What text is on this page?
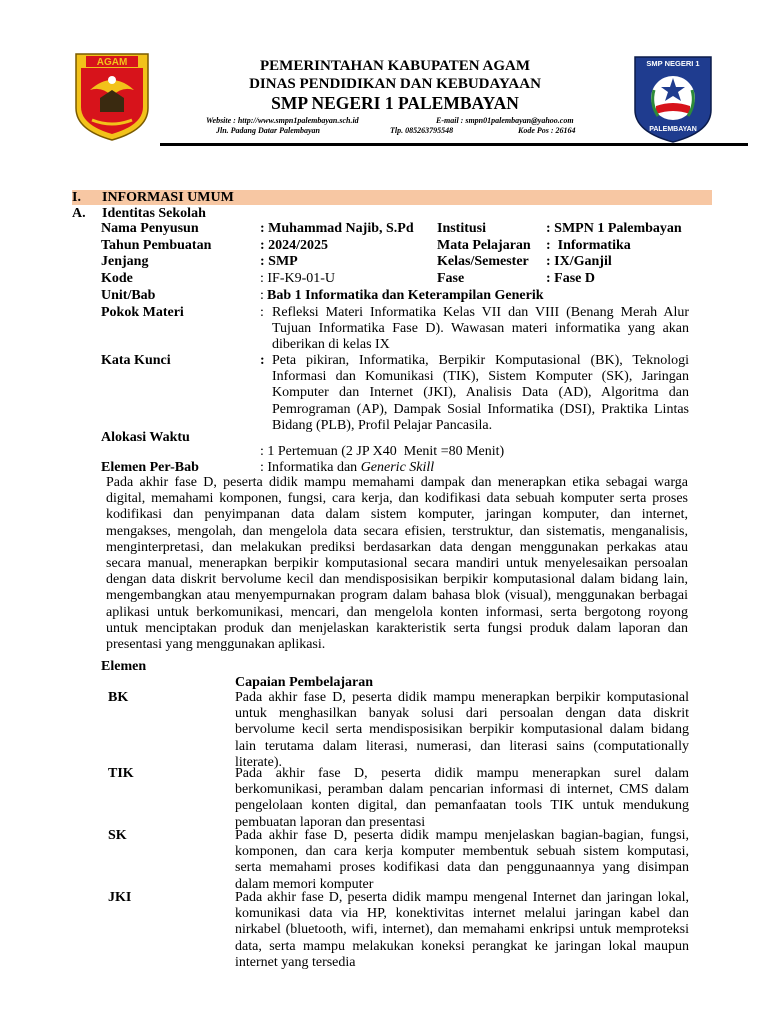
AGAM	SMP NEGERI 1
PALEMBAYAN
PEMERINTAHAN KABUPATEN AGAM
DINAS PENDIDIKAN DAN KEBUDAYAAN
SMP NEGERI 1 PALEMBAYAN
Website : http://www.smpn1palembayan.sch.id	E-mail : smpn01palembayan@yahoo.com
Jln. Padang Datar Palembayan	Tlp. 085263795548	Kode Pos : 26164
I. INFORMASI UMUM
A. Identitas Sekolah
Nama Penyusun	: Muhammad Najib, S.Pd Institusi	: SMPN 1 Palembayan
Tahun Pembuatan	: 2024/2025	Mata Pelajaran :  Informatika
Jenjang	: SMP	Kelas/Semester : IX/Ganjil
Kode	: IF-K9-01-U	Fase	: Fase D
Unit/Bab	: Bab 1 Informatika dan Keterampilan Generik
Pokok Materi	: Refleksi Materi Informatika Kelas VII dan VIII (Benang Merah Alur
Tujuan Informatika Fase D). Wawasan materi informatika yang akan
diberikan di kelas IX
Kata Kunci	: Peta pikiran, Informatika, Berpikir Komputasional (BK), Teknologi
Informasi dan Komunikasi (TIK), Sistem Komputer (SK), Jaringan
Komputer dan Internet (JKI), Analisis Data (AD), Algoritma dan
Pemrograman (AP), Dampak Sosial Informatika (DSI), Praktika Lintas
Bidang (PLB), Profil Pelajar Pancasila.
Alokasi Waktu
: 1 Pertemuan (2 JP X40  Menit =80 Menit)
Elemen Per-Bab	: Informatika dan Generic Skill
Pada akhir fase D, peserta didik mampu memahami dampak dan menerapkan etika sebagai warga
digital, memahami komponen, fungsi, cara kerja, dan kodifikasi data sebuah komputer serta proses
kodifikasi dan penyimpanan data dalam sistem komputer, jaringan komputer, dan internet,
mengakses, mengolah, dan mengelola data secara efisien, terstruktur, dan sistematis, menganalisis,
menginterpretasi, dan melakukan prediksi berdasarkan data dengan menggunakan perkakas atau
secara manual, menerapkan berpikir komputasional secara mandiri untuk menyelesaikan persoalan
dengan data diskrit bervolume kecil dan mendisposisikan berpikir komputasional dalam bidang lain,
mengembangkan atau menyempurnakan program dalam bahasa blok (visual), menggunakan berbagai
aplikasi untuk berkomunikasi, mencari, dan mengelola konten informasi, serta bergotong royong
untuk menciptakan produk dan menjelaskan karakteristik serta fungsi produk dalam laporan dan
presentasi yang menggunakan aplikasi.
Elemen
Capaian Pembelajaran
BK	Pada akhir fase D, peserta didik mampu menerapkan berpikir komputasional
untuk menghasilkan banyak solusi dari persoalan dengan data diskrit
bervolume kecil serta mendisposisikan berpikir komputasional dalam bidang
lain terutama dalam literasi, numerasi, dan literasi sains (computationally
literate).
TIK	Pada akhir fase D, peserta didik mampu menerapkan surel dalam
berkomunikasi, peramban dalam pencarian informasi di internet, CMS dalam
pengelolaan konten digital, dan pemanfaatan tools TIK untuk mendukung
pembuatan laporan dan presentasi
SK	Pada akhir fase D, peserta didik mampu menjelaskan bagian-bagian, fungsi,
komponen, dan cara kerja komputer membentuk sebuah sistem komputasi,
serta memahami proses kodifikasi data dan penggunaannya yang disimpan
dalam memori komputer
JKI	Pada akhir fase D, peserta didik mampu mengenal Internet dan jaringan lokal,
komunikasi data via HP, konektivitas internet melalui jaringan kabel dan
nirkabel (bluetooth, wifi, internet), dan memahami enkripsi untuk memproteksi
data, serta mampu melakukan koneksi perangkat ke jaringan lokal maupun
internet yang tersedia
